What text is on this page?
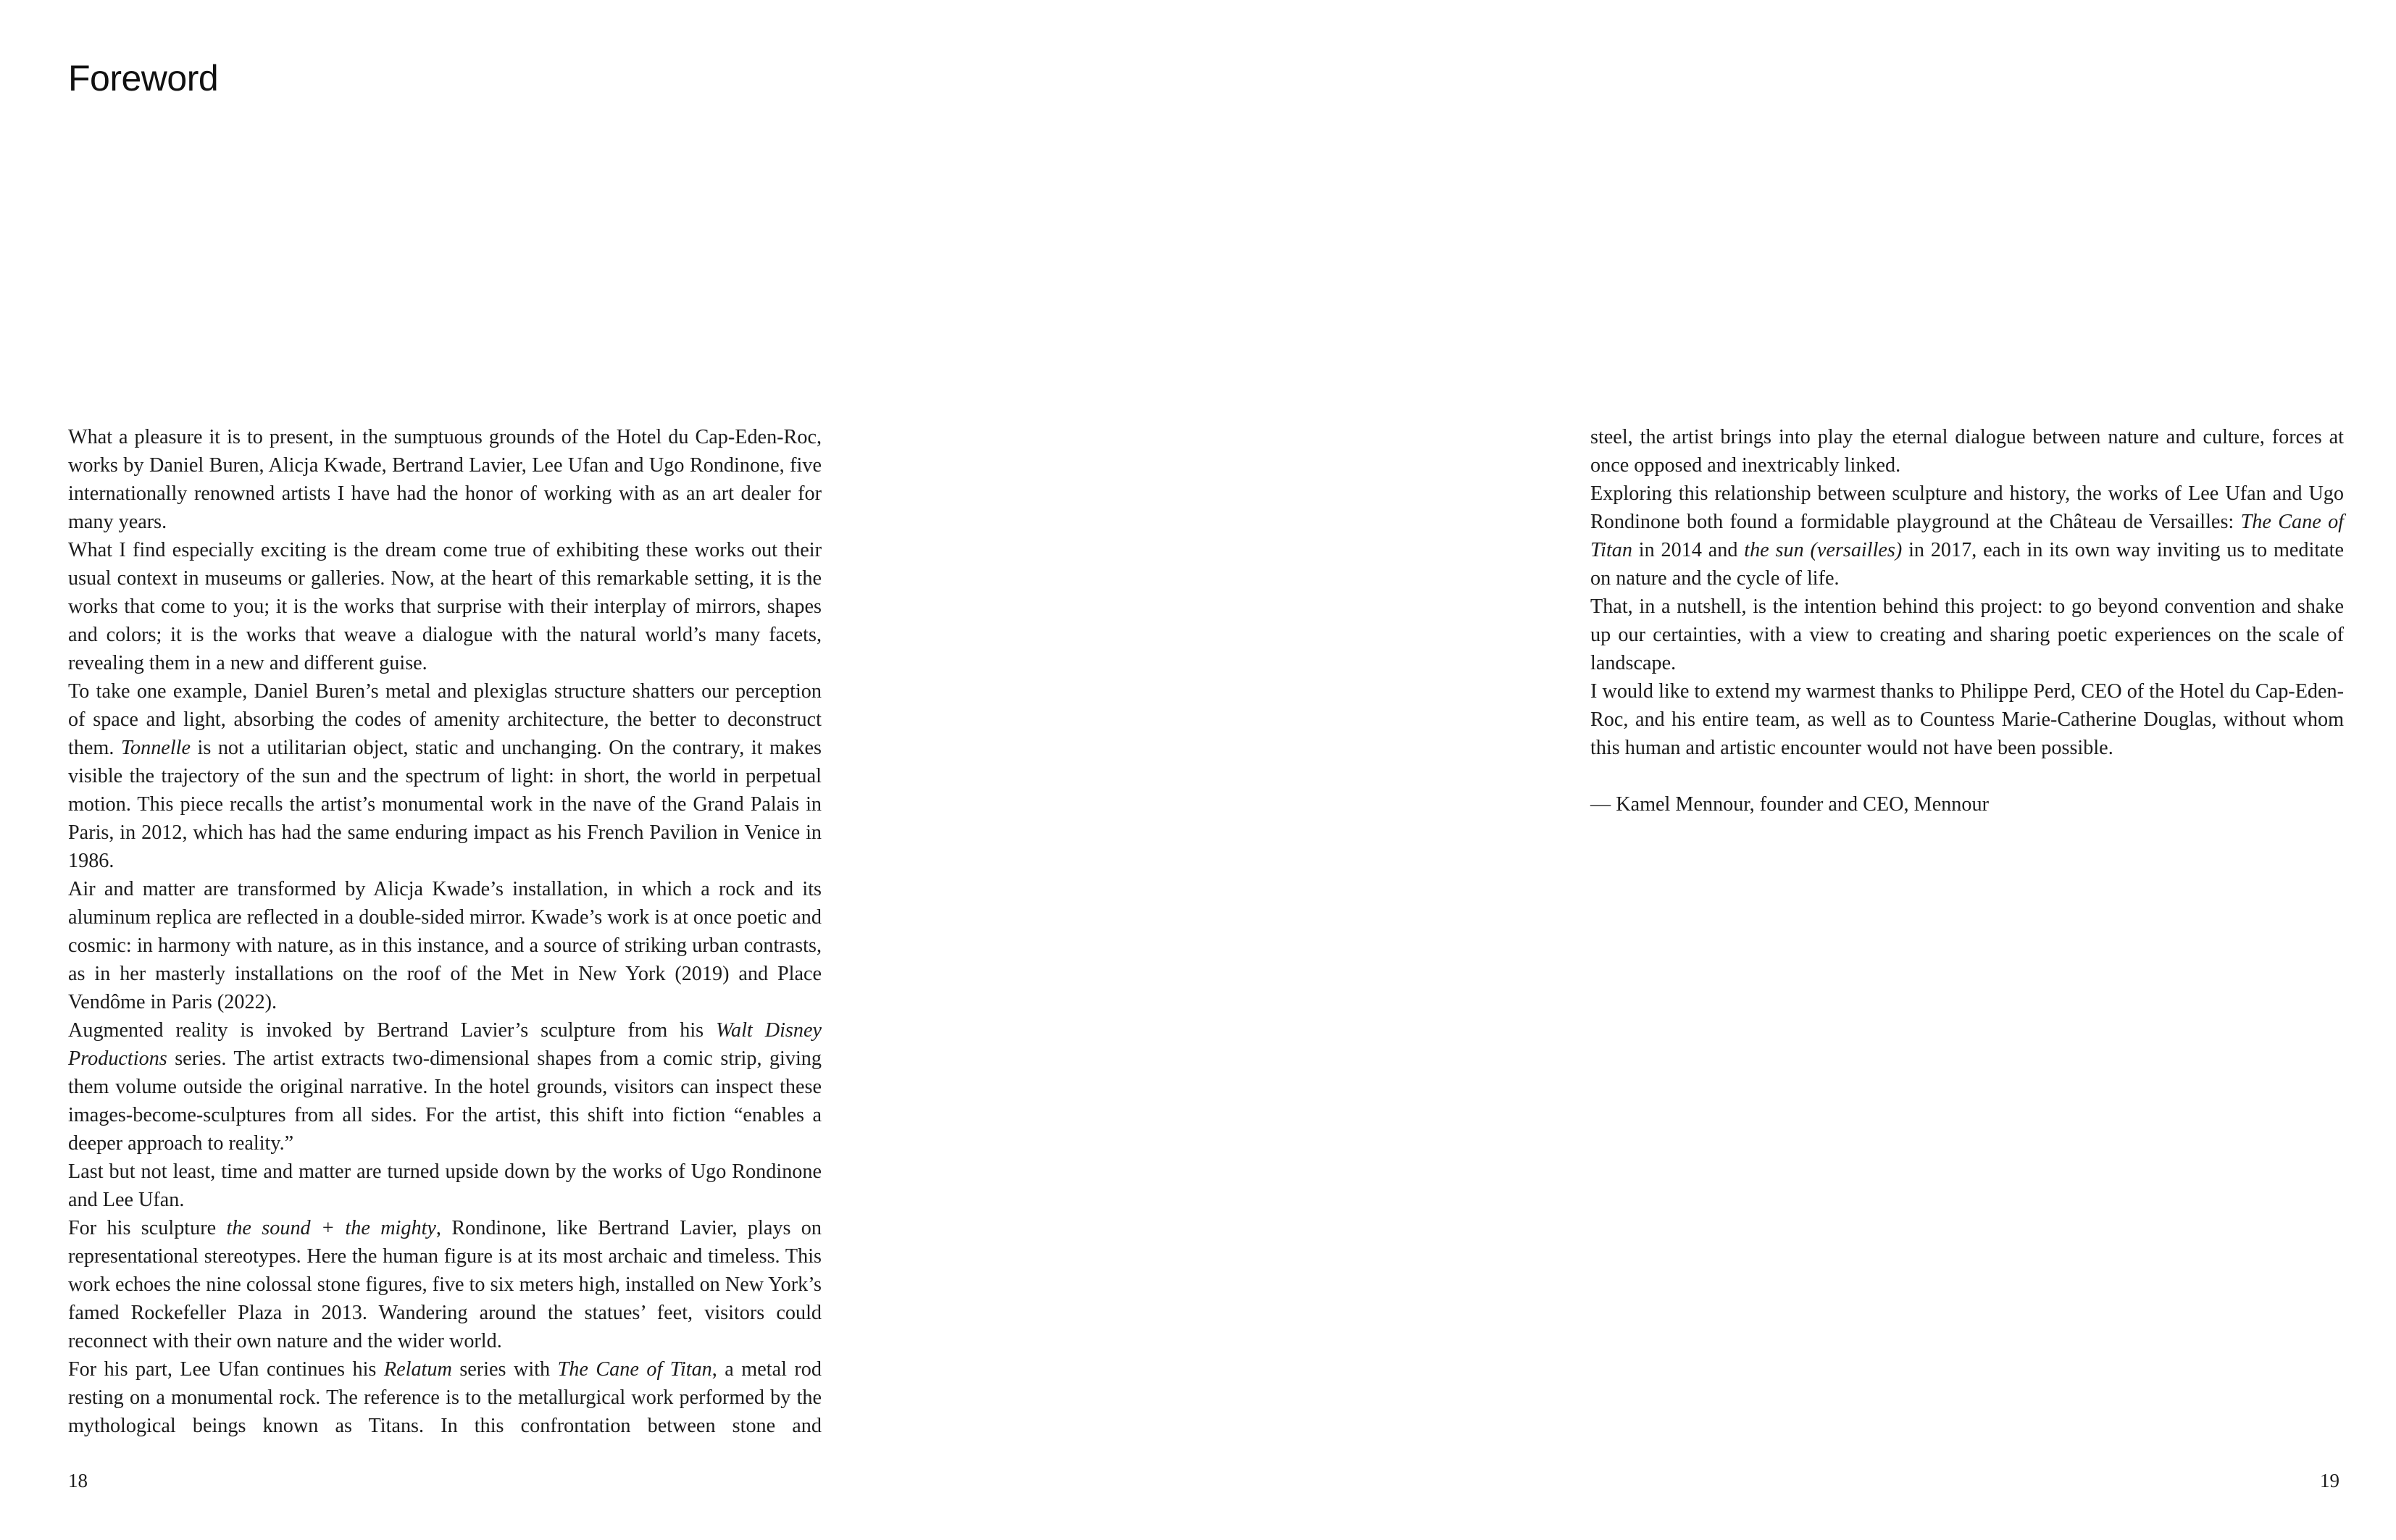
Foreword

What a pleasure it is to present, in the sumptuous grounds of the Hotel du Cap-Eden-Roc, works by Daniel Buren, Alicja Kwade, Bertrand Lavier, Lee Ufan and Ugo Rondinone, five internationally renowned artists I have had the honor of working with as an art dealer for many years.

What I find especially exciting is the dream come true of exhibiting these works out their usual context in museums or galleries. Now, at the heart of this remarkable setting, it is the works that come to you; it is the works that surprise with their interplay of mirrors, shapes and colors; it is the works that weave a dialogue with the natural world’s many facets, revealing them in a new and different guise.

To take one example, Daniel Buren’s metal and plexiglas structure shatters our perception of space and light, absorbing the codes of amenity architecture, the better to deconstruct them. Tonnelle is not a utilitarian object, static and unchanging. On the contrary, it makes visible the trajectory of the sun and the spectrum of light: in short, the world in perpetual motion. This piece recalls the artist’s monumental work in the nave of the Grand Palais in Paris, in 2012, which has had the same enduring impact as his French Pavilion in Venice in 1986.

Air and matter are transformed by Alicja Kwade’s installation, in which a rock and its aluminum replica are reflected in a double-sided mirror. Kwade’s work is at once poetic and cosmic: in harmony with nature, as in this instance, and a source of striking urban contrasts, as in her masterly installations on the roof of the Met in New York (2019) and Place Vendôme in Paris (2022).

Augmented reality is invoked by Bertrand Lavier’s sculpture from his Walt Disney Productions series. The artist extracts two-dimensional shapes from a comic strip, giving them volume outside the original narrative. In the hotel grounds, visitors can inspect these images-become-sculptures from all sides. For the artist, this shift into fiction “enables a deeper approach to reality.”

Last but not least, time and matter are turned upside down by the works of Ugo Rondinone and Lee Ufan.

For his sculpture the sound + the mighty, Rondinone, like Bertrand Lavier, plays on representational stereotypes. Here the human figure is at its most archaic and timeless. This work echoes the nine colossal stone figures, five to six meters high, installed on New York’s famed Rockefeller Plaza in 2013. Wandering around the statues’ feet, visitors could reconnect with their own nature and the wider world.

For his part, Lee Ufan continues his Relatum series with The Cane of Titan, a metal rod resting on a monumental rock. The reference is to the metallurgical work performed by the mythological beings known as Titans. In this confrontation between stone and

18

steel, the artist brings into play the eternal dialogue between nature and culture, forces at once opposed and inextricably linked.

Exploring this relationship between sculpture and history, the works of Lee Ufan and Ugo Rondinone both found a formidable playground at the Château de Versailles: The Cane of Titan in 2014 and the sun (versailles) in 2017, each in its own way inviting us to meditate on nature and the cycle of life.

That, in a nutshell, is the intention behind this project: to go beyond convention and shake up our certainties, with a view to creating and sharing poetic experiences on the scale of landscape.

I would like to extend my warmest thanks to Philippe Perd, CEO of the Hotel du Cap-Eden-Roc, and his entire team, as well as to Countess Marie-Catherine Douglas, without whom this human and artistic encounter would not have been possible.

— Kamel Mennour, founder and CEO, Mennour

19
